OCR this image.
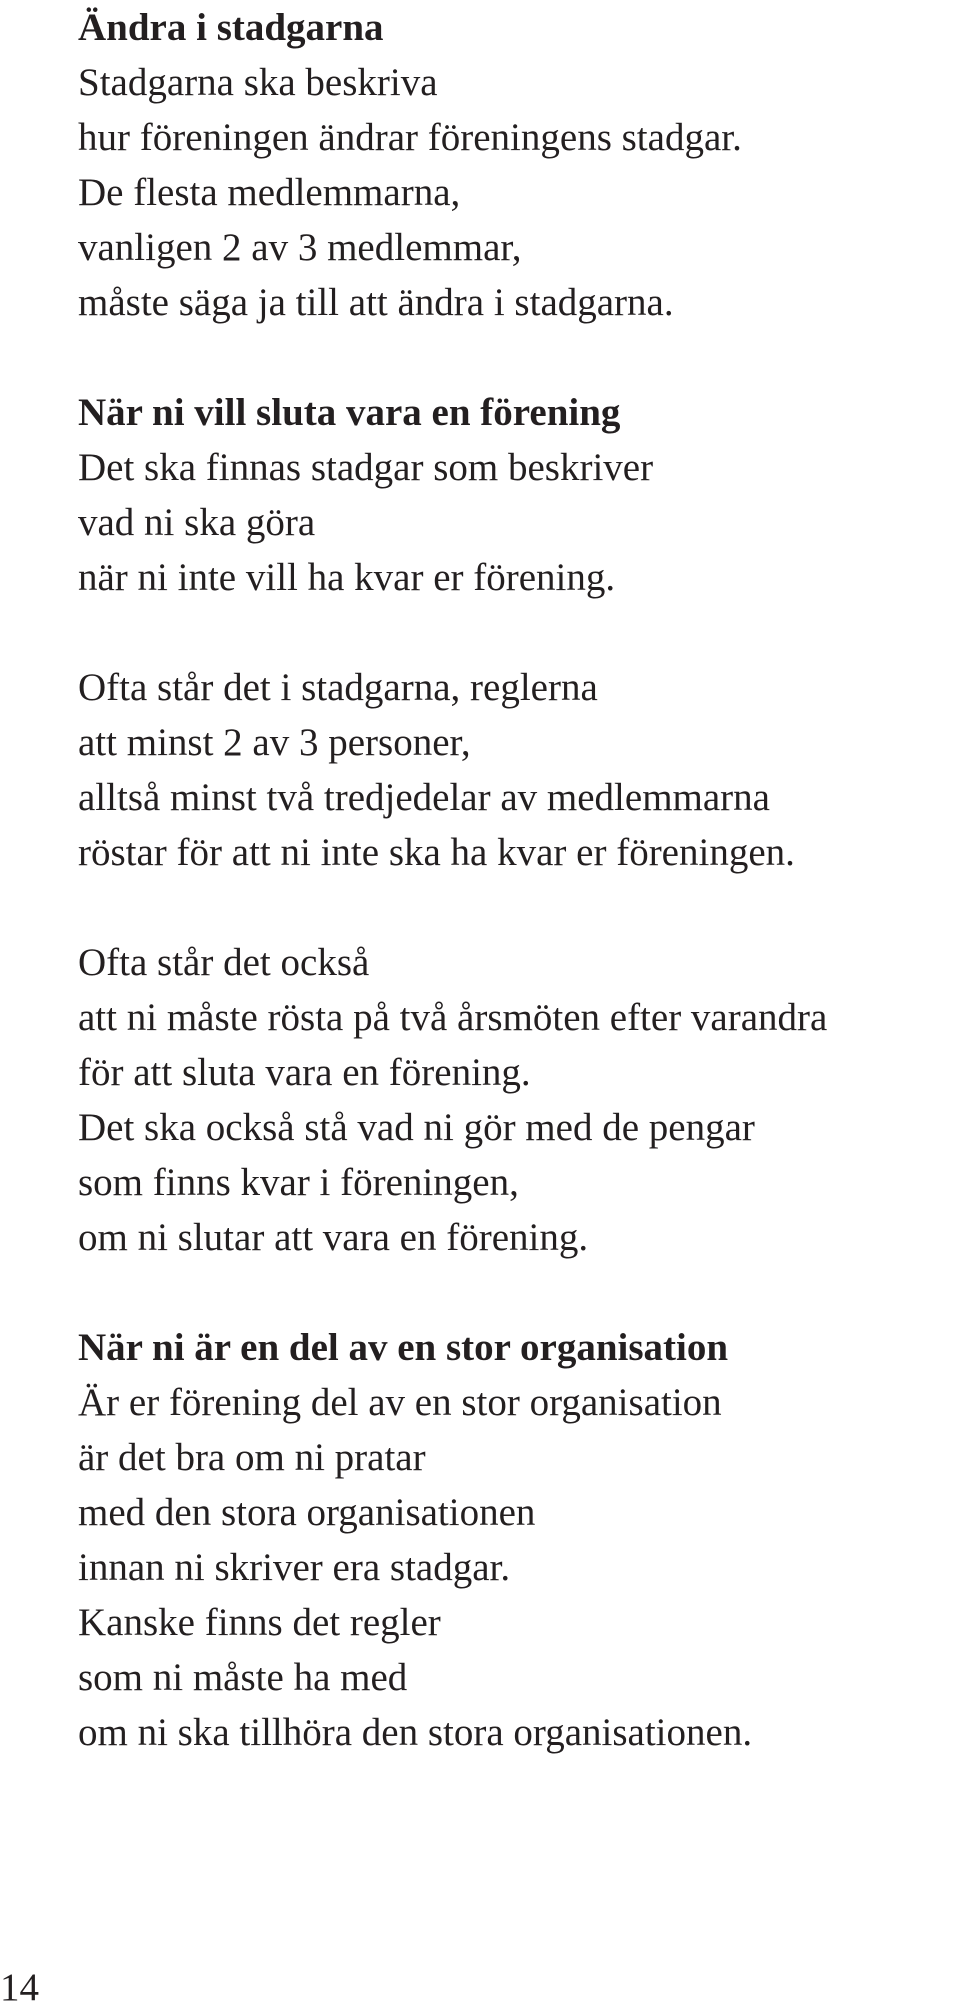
Ändra i stadgarna
Stadgarna ska beskriva
hur föreningen ändrar föreningens stadgar.
De flesta medlemmarna,
vanligen 2 av 3 medlemmar,
måste säga ja till att ändra i stadgarna.
När ni vill sluta vara en förening
Det ska finnas stadgar som beskriver
vad ni ska göra
när ni inte vill ha kvar er förening.
Ofta står det i stadgarna, reglerna
att minst 2 av 3 personer,
alltså minst två tredjedelar av medlemmarna
röstar för att ni inte ska ha kvar er föreningen.
Ofta står det också
att ni måste rösta på två årsmöten efter varandra
för att sluta vara en förening.
Det ska också stå vad ni gör med de pengar
som finns kvar i föreningen,
om ni slutar att vara en förening.
När ni är en del av en stor organisation
Är er förening del av en stor organisation
är det bra om ni pratar
med den stora organisationen
innan ni skriver era stadgar.
Kanske finns det regler
som ni måste ha med
om ni ska tillhöra den stora organisationen.
14
